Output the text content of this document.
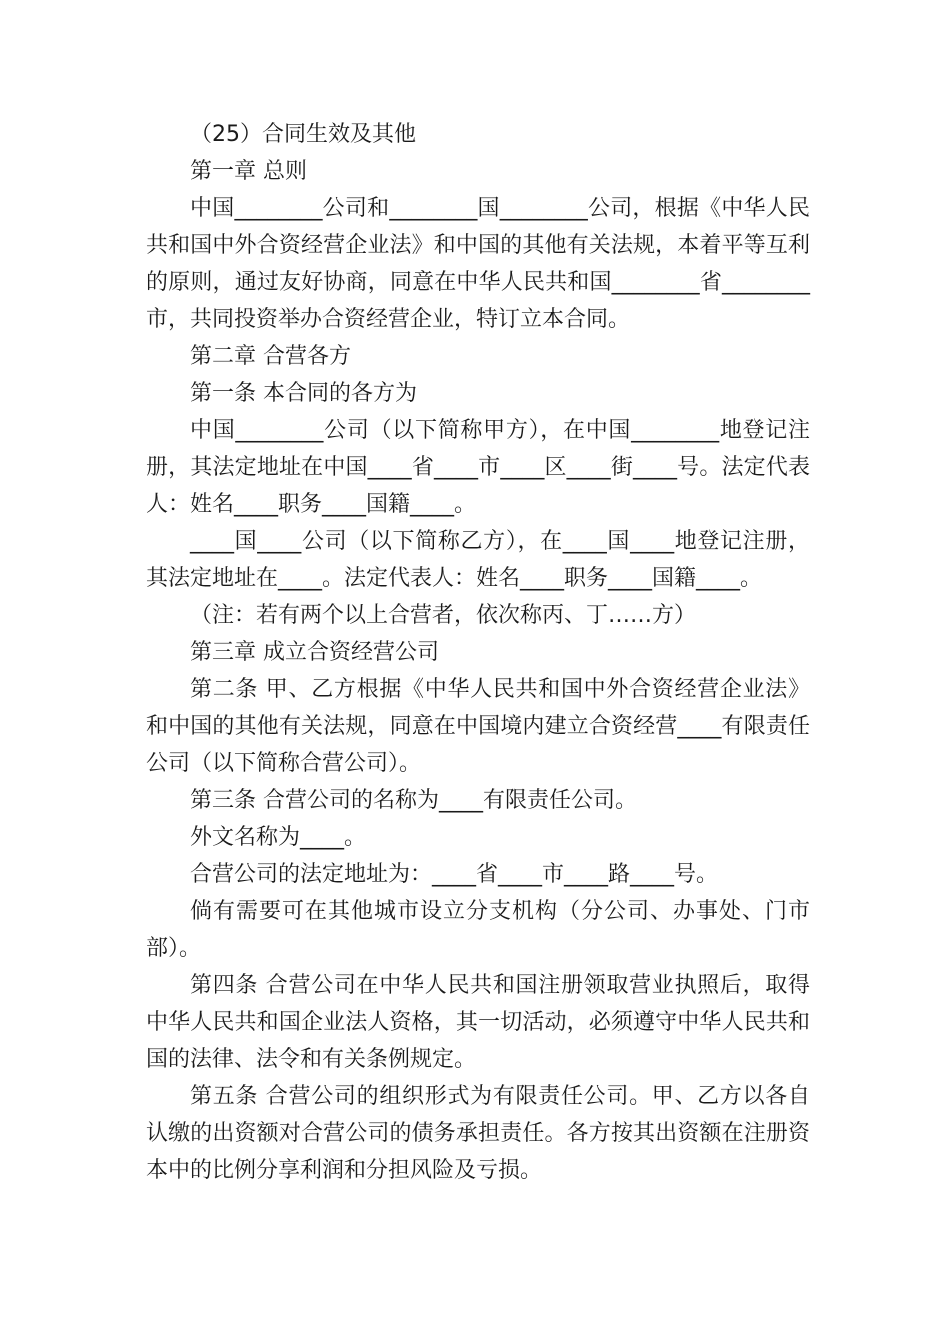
（25）合同生效及其他

第一章 总则

中国________公司和________国________公司，根据《中华人民共和国中外合资经营企业法》和中国的其他有关法规，本着平等互利的原则，通过友好协商，同意在中华人民共和国________省________市，共同投资举办合资经营企业，特订立本合同。

第二章 合营各方

第一条 本合同的各方为

中国________公司（以下简称甲方），在中国________地登记注册，其法定地址在中国____省____市____区____街____号。法定代表人：姓名____职务____国籍____。

____国____公司（以下简称乙方），在____国____地登记注册，其法定地址在____。法定代表人：姓名____职务____国籍____。

（注：若有两个以上合营者，依次称丙、丁……方）

第三章 成立合资经营公司

第二条 甲、乙方根据《中华人民共和国中外合资经营企业法》和中国的其他有关法规，同意在中国境内建立合资经营____有限责任公司（以下简称合营公司）。

第三条 合营公司的名称为____有限责任公司。

外文名称为____。

合营公司的法定地址为：____省____市____路____号。

倘有需要可在其他城市设立分支机构（分公司、办事处、门市部）。

第四条 合营公司在中华人民共和国注册领取营业执照后，取得中华人民共和国企业法人资格，其一切活动，必须遵守中华人民共和国的法律、法令和有关条例规定。

第五条 合营公司的组织形式为有限责任公司。甲、乙方以各自认缴的出资额对合营公司的债务承担责任。各方按其出资额在注册资本中的比例分享利润和分担风险及亏损。
